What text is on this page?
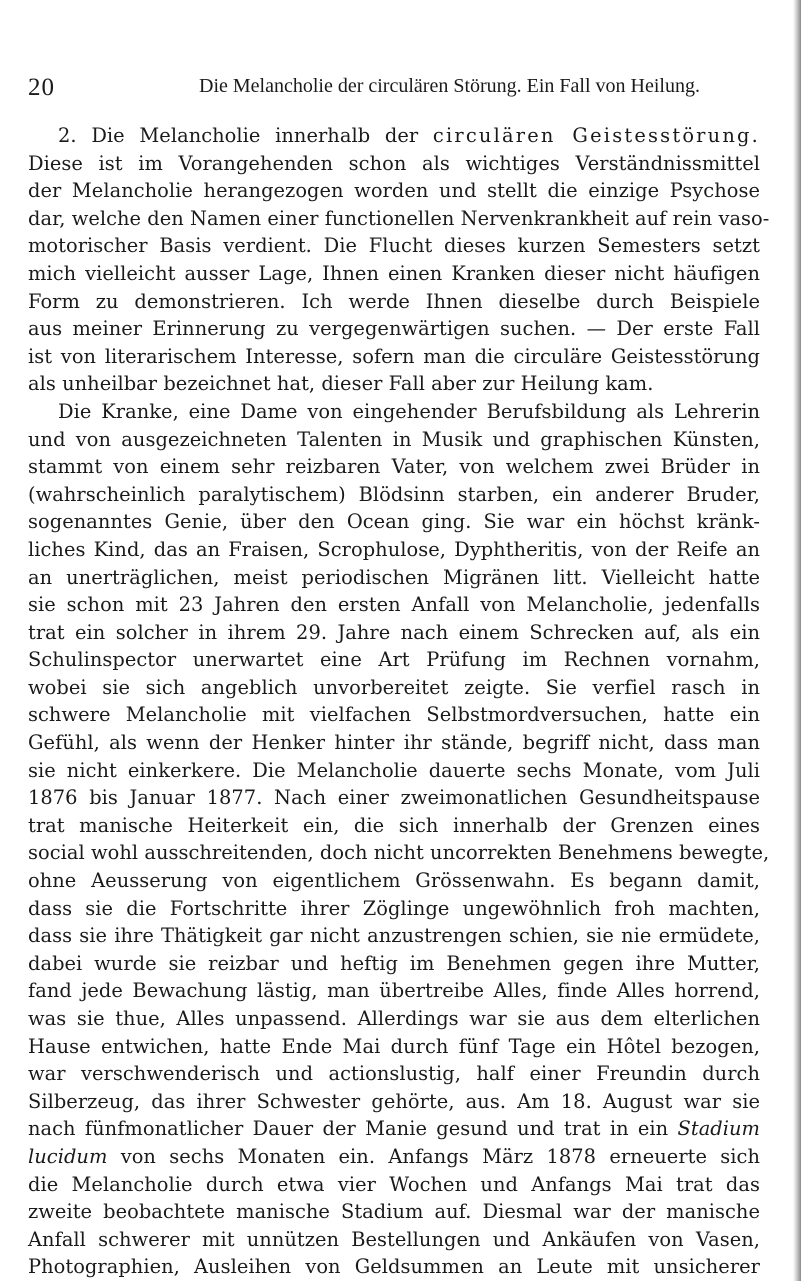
20	Die Melancholie der circulären Störung. Ein Fall von Heilung.
2. Die Melancholie innerhalb der circulären Geistesstörung.
Diese ist im Vorangehenden schon als wichtiges Verständnissmittel
der Melancholie herangezogen worden und stellt die einzige Psychose
dar, welche den Namen einer functionellen Nervenkrankheit auf rein vaso-
motorischer Basis verdient. Die Flucht dieses kurzen Semesters setzt
mich vielleicht ausser Lage, Ihnen einen Kranken dieser nicht häufigen
Form zu demonstrieren. Ich werde Ihnen dieselbe durch Beispiele
aus meiner Erinnerung zu vergegenwärtigen suchen. — Der erste Fall
ist von literarischem Interesse, sofern man die circuläre Geistesstörung
als unheilbar bezeichnet hat, dieser Fall aber zur Heilung kam.
Die Kranke, eine Dame von eingehender Berufsbildung als Lehrerin
und von ausgezeichneten Talenten in Musik und graphischen Künsten,
stammt von einem sehr reizbaren Vater, von welchem zwei Brüder in
(wahrscheinlich paralytischem) Blödsinn starben, ein anderer Bruder,
sogenanntes Genie, über den Ocean ging. Sie war ein höchst kränk-
liches Kind, das an Fraisen, Scrophulose, Dyphtheritis, von der Reife an
an unerträglichen, meist periodischen Migränen litt. Vielleicht hatte
sie schon mit 23 Jahren den ersten Anfall von Melancholie, jedenfalls
trat ein solcher in ihrem 29. Jahre nach einem Schrecken auf, als ein
Schulinspector unerwartet eine Art Prüfung im Rechnen vornahm,
wobei sie sich angeblich unvorbereitet zeigte. Sie verfiel rasch in
schwere Melancholie mit vielfachen Selbstmordversuchen, hatte ein
Gefühl, als wenn der Henker hinter ihr stände, begriff nicht, dass man
sie nicht einkerkere. Die Melancholie dauerte sechs Monate, vom Juli
1876 bis Januar 1877. Nach einer zweimonatlichen Gesundheitspause
trat manische Heiterkeit ein, die sich innerhalb der Grenzen eines
social wohl ausschreitenden, doch nicht uncorrekten Benehmens bewegte,
ohne Aeusserung von eigentlichem Grössenwahn. Es begann damit,
dass sie die Fortschritte ihrer Zöglinge ungewöhnlich froh machten,
dass sie ihre Thätigkeit gar nicht anzustrengen schien, sie nie ermüdete,
dabei wurde sie reizbar und heftig im Benehmen gegen ihre Mutter,
fand jede Bewachung lästig, man übertreibe Alles, finde Alles horrend,
was sie thue, Alles unpassend. Allerdings war sie aus dem elterlichen
Hause entwichen, hatte Ende Mai durch fünf Tage ein Hôtel bezogen,
war verschwenderisch und actionslustig, half einer Freundin durch
Silberzeug, das ihrer Schwester gehörte, aus. Am 18. August war sie
nach fünfmonatlicher Dauer der Manie gesund und trat in ein Stadium
lucidum von sechs Monaten ein. Anfangs März 1878 erneuerte sich
die Melancholie durch etwa vier Wochen und Anfangs Mai trat das
zweite beobachtete manische Stadium auf. Diesmal war der manische
Anfall schwerer mit unnützen Bestellungen und Ankäufen von Vasen,
Photographien, Ausleihen von Geldsummen an Leute mit unsicherer
